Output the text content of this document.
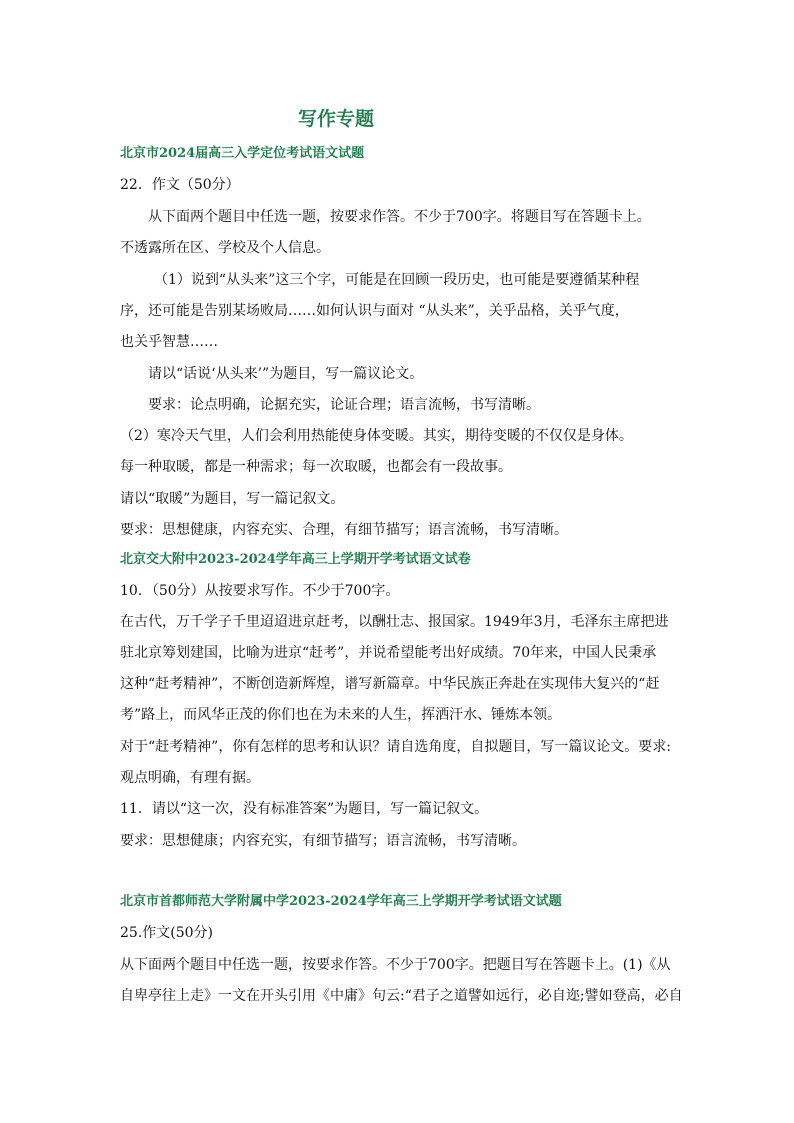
写作专题
北京市2024届高三入学定位考试语文试题
22．作文（50分）
从下面两个题目中任选一题，按要求作答。不少于700字。将题目写在答题卡上。
不透露所在区、学校及个人信息。
（1）说到“从头来”这三个字，可能是在回顾一段历史，也可能是要遵循某种程
序，还可能是告别某场败局……如何认识与面对 “从头来”，关乎品格，关乎气度，
也关乎智慧……
请以“话说‘从头来’”为题目，写一篇议论文。
要求：论点明确，论据充实，论证合理；语言流畅，书写清晰。
（2）寒冷天气里，人们会利用热能使身体变暖。其实，期待变暖的不仅仅是身体。
每一种取暖，都是一种需求；每一次取暖，也都会有一段故事。
请以“取暖”为题目，写一篇记叙文。
要求：思想健康，内容充实、合理，有细节描写；语言流畅，书写清晰。
北京交大附中2023-2024学年高三上学期开学考试语文试卷
10．（50分）从按要求写作。不少于700字。
在古代，万千学子千里迢迢进京赶考，以酬壮志、报国家。1949年3月，毛泽东主席把进
驻北京筹划建国，比喻为进京“赶考”，并说希望能考出好成绩。70年来，中国人民秉承
这种“赶考精神”，不断创造新辉煌，谱写新篇章。中华民族正奔赴在实现伟大复兴的“赶
考”路上，而风华正茂的你们也在为未来的人生，挥洒汗水、锤炼本领。
对于“赶考精神”，你有怎样的思考和认识？请自选角度，自拟题目，写一篇议论文。要求:
观点明确，有理有据。
11．请以“这一次，没有标准答案”为题目，写一篇记叙文。
要求：思想健康；内容充实，有细节描写；语言流畅，书写清晰。
北京市首都师范大学附属中学2023-2024学年高三上学期开学考试语文试题
25.作文(50分)
从下面两个题目中任选一题，按要求作答。不少于700字。把题目写在答题卡上。(1)《从
自卑亭往上走》一文在开头引用《中庸》句云:“君子之道譬如远行，必自迩;譬如登高，必自
